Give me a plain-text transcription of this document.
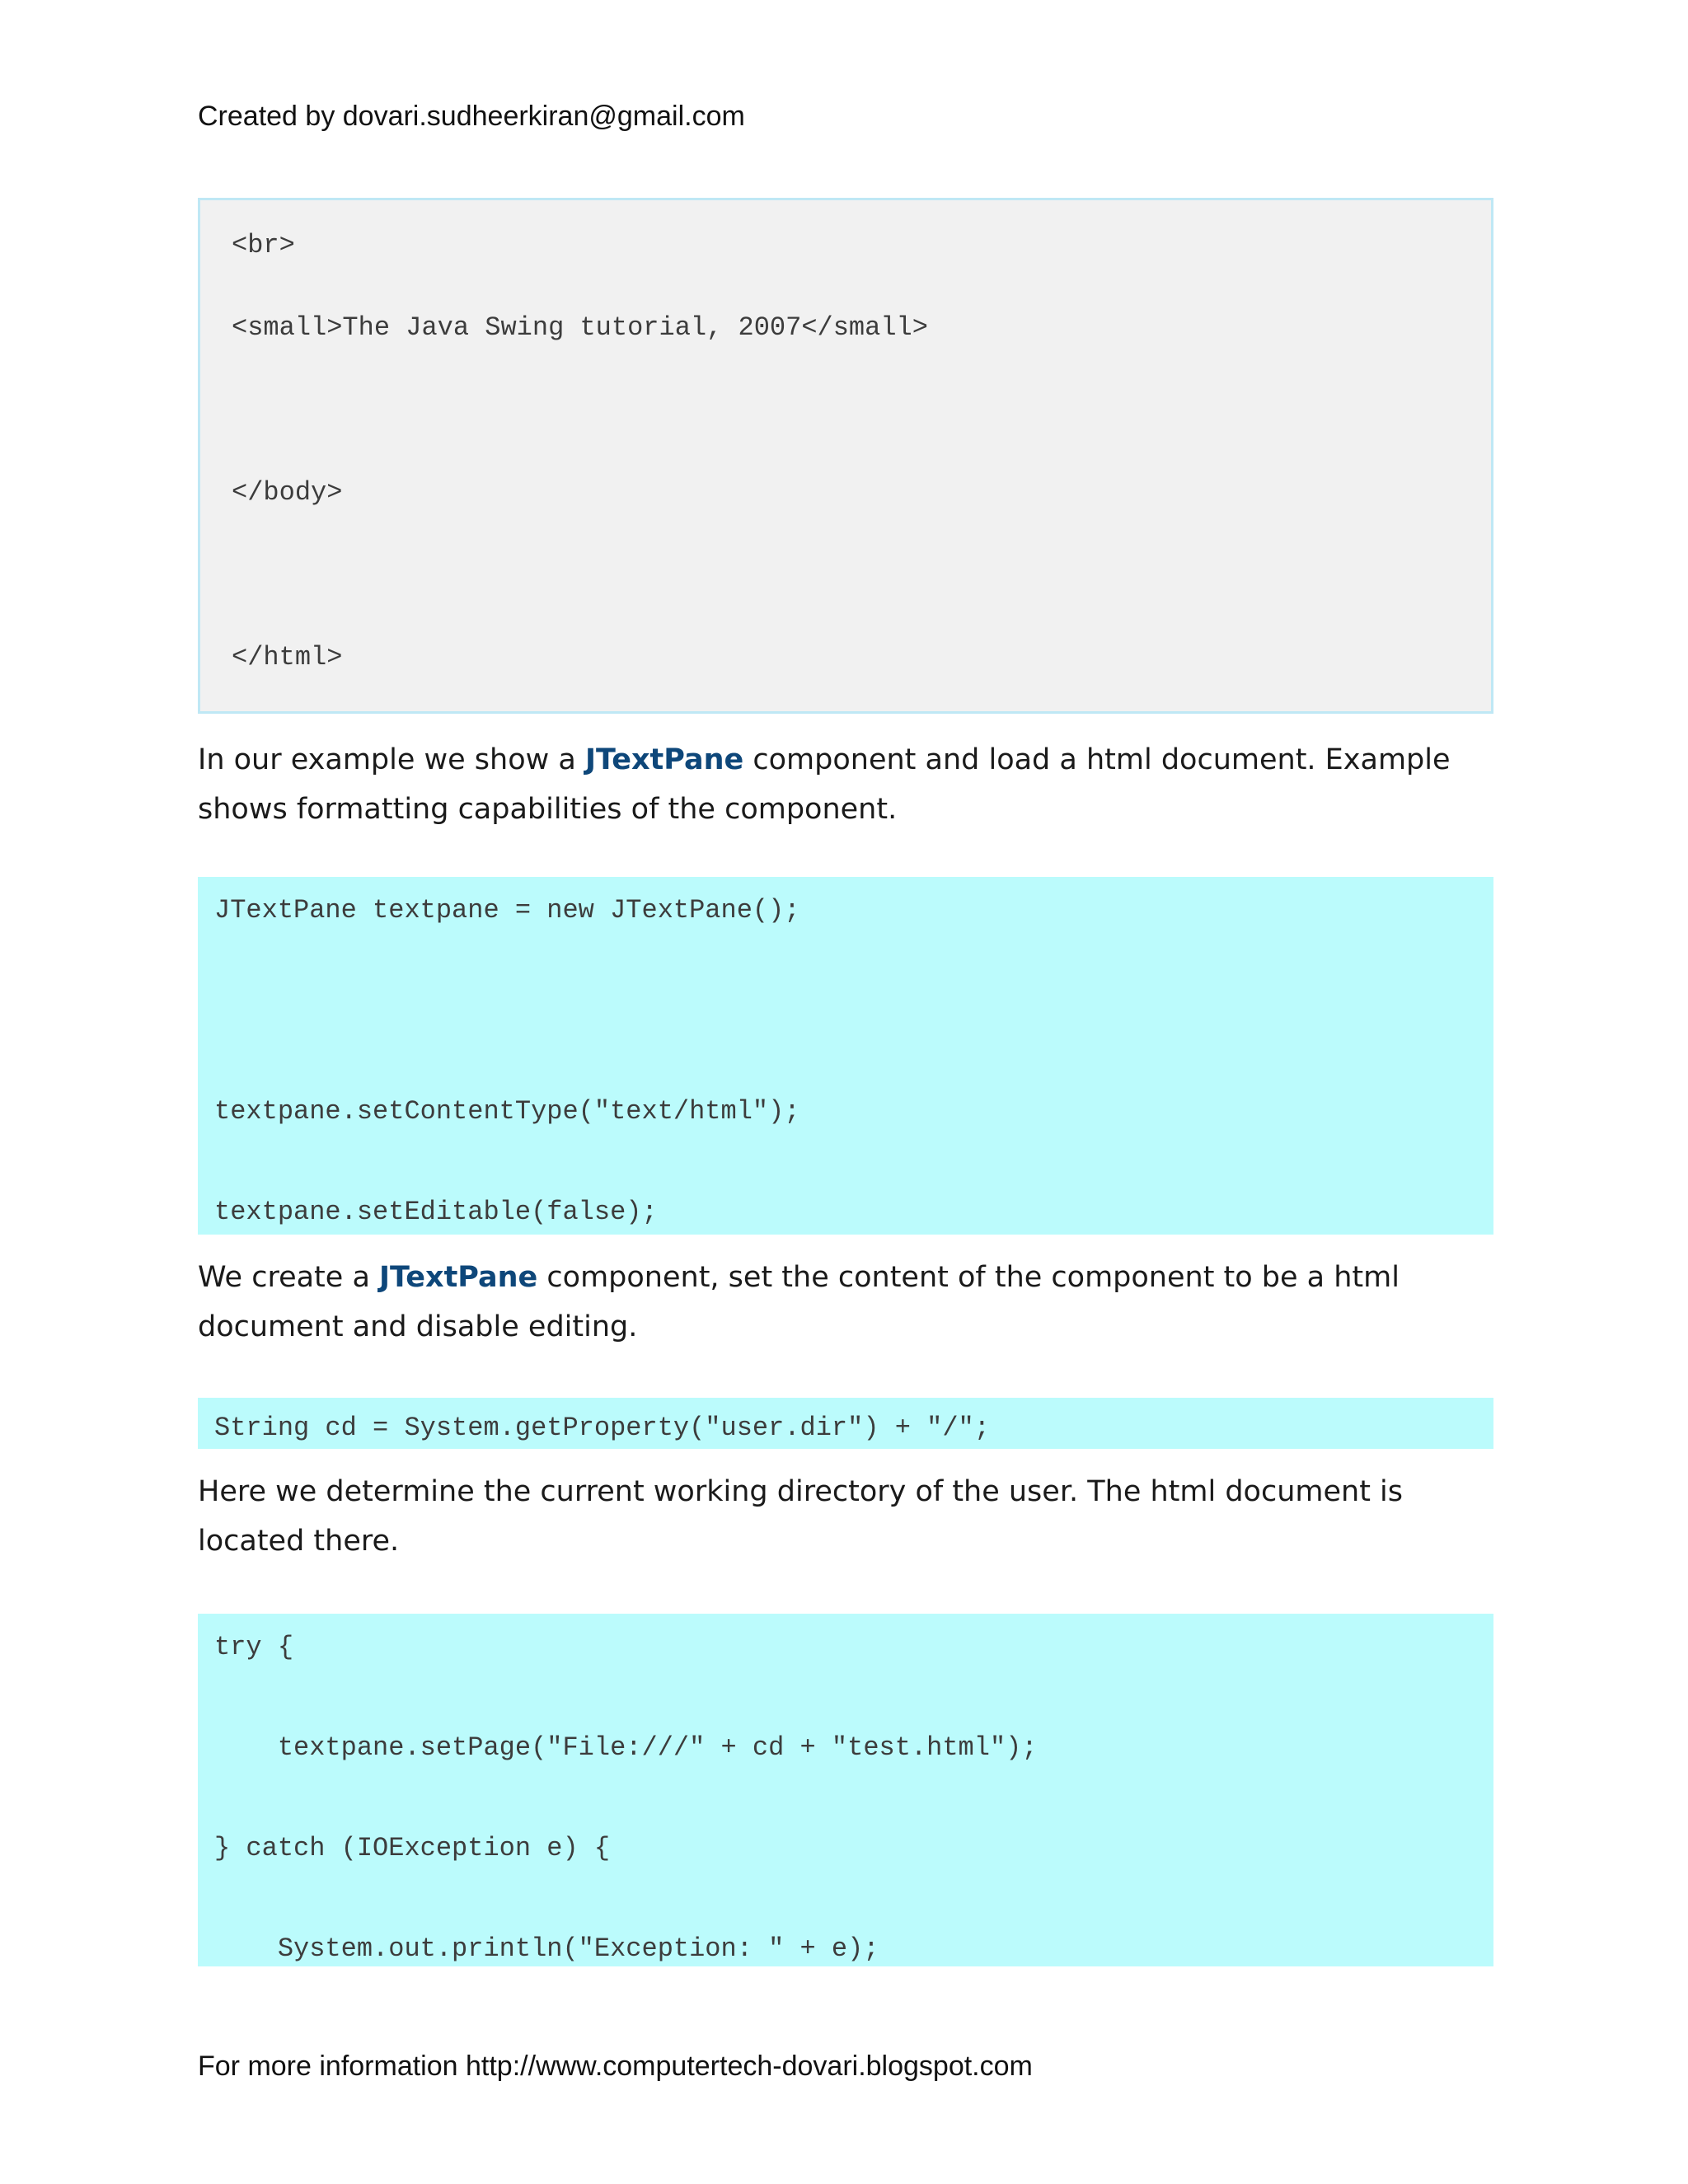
Created by dovari.sudheerkiran@gmail.com
<br>
<small>The Java Swing tutorial, 2007</small>
</body>
</html>
In our example we show a JTextPane component and load a html document. Example shows formatting capabilities of the component.
JTextPane textpane = new JTextPane();
textpane.setContentType("text/html");
textpane.setEditable(false);
We create a JTextPane component, set the content of the component to be a html document and disable editing.
String cd = System.getProperty("user.dir") + "/";
Here we determine the current working directory of the user. The html document is located there.
try {
textpane.setPage("File:///" + cd + "test.html");
} catch (IOException e) {
System.out.println("Exception: " + e);
For more information http://www.computertech-dovari.blogspot.com
